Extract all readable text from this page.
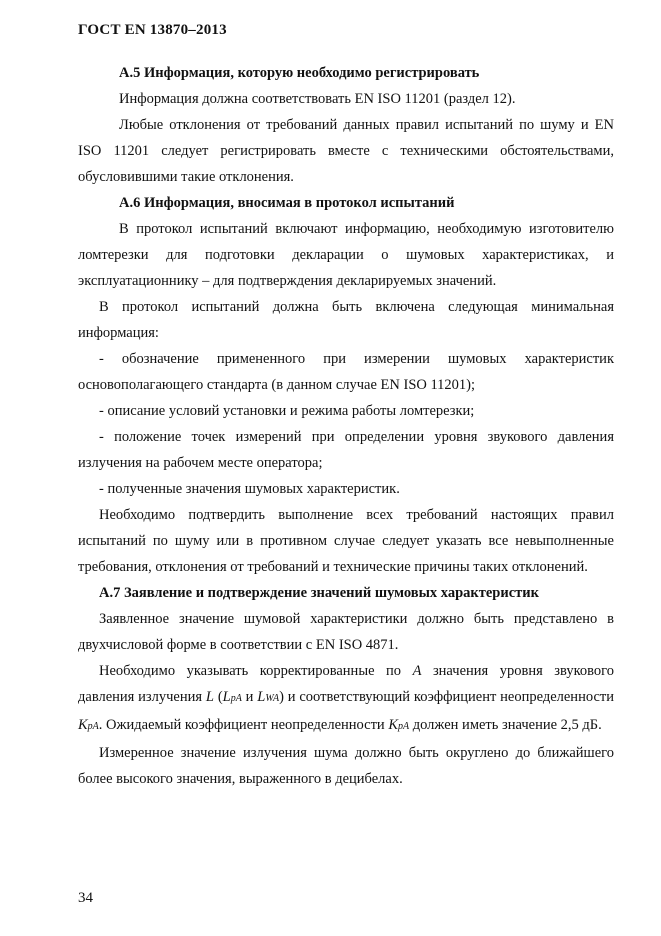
ГОСТ EN 13870–2013

А.5 Информация, которую необходимо регистрировать

Информация должна соответствовать EN ISO 11201 (раздел 12).

Любые отклонения от требований данных правил испытаний по шуму и EN ISO 11201 следует регистрировать вместе с техническими обстоятельствами, обусловившими такие отклонения.

А.6 Информация, вносимая в протокол испытаний

В протокол испытаний включают информацию, необходимую изготовителю ломтерезки для подготовки декларации о шумовых характеристиках, и эксплуатационнику – для подтверждения декларируемых значений.

В протокол испытаний должна быть включена следующая минимальная информация:

- обозначение примененного при измерении шумовых характеристик основополагающего стандарта (в данном случае EN ISO 11201);

- описание условий установки и режима работы ломтерезки;

- положение точек измерений при определении уровня звукового давления излучения на рабочем месте оператора;

- полученные значения шумовых характеристик.

Необходимо подтвердить выполнение всех требований настоящих правил испытаний по шуму или в противном случае следует указать все невыполненные требования, отклонения от требований и технические причины таких отклонений.

А.7 Заявление и подтверждение значений шумовых характеристик

Заявленное значение шумовой характеристики должно быть представлено в двухчисловой форме в соответствии с EN ISO 4871.

Необходимо указывать корректированные по A значения уровня звукового давления излучения L (LpA и LWA) и соответствующий коэффициент неопределенности KpA. Ожидаемый коэффициент неопределенности KpA должен иметь значение 2,5 дБ.

Измеренное значение излучения шума должно быть округлено до ближайшего более высокого значения, выраженного в децибелах.

34
